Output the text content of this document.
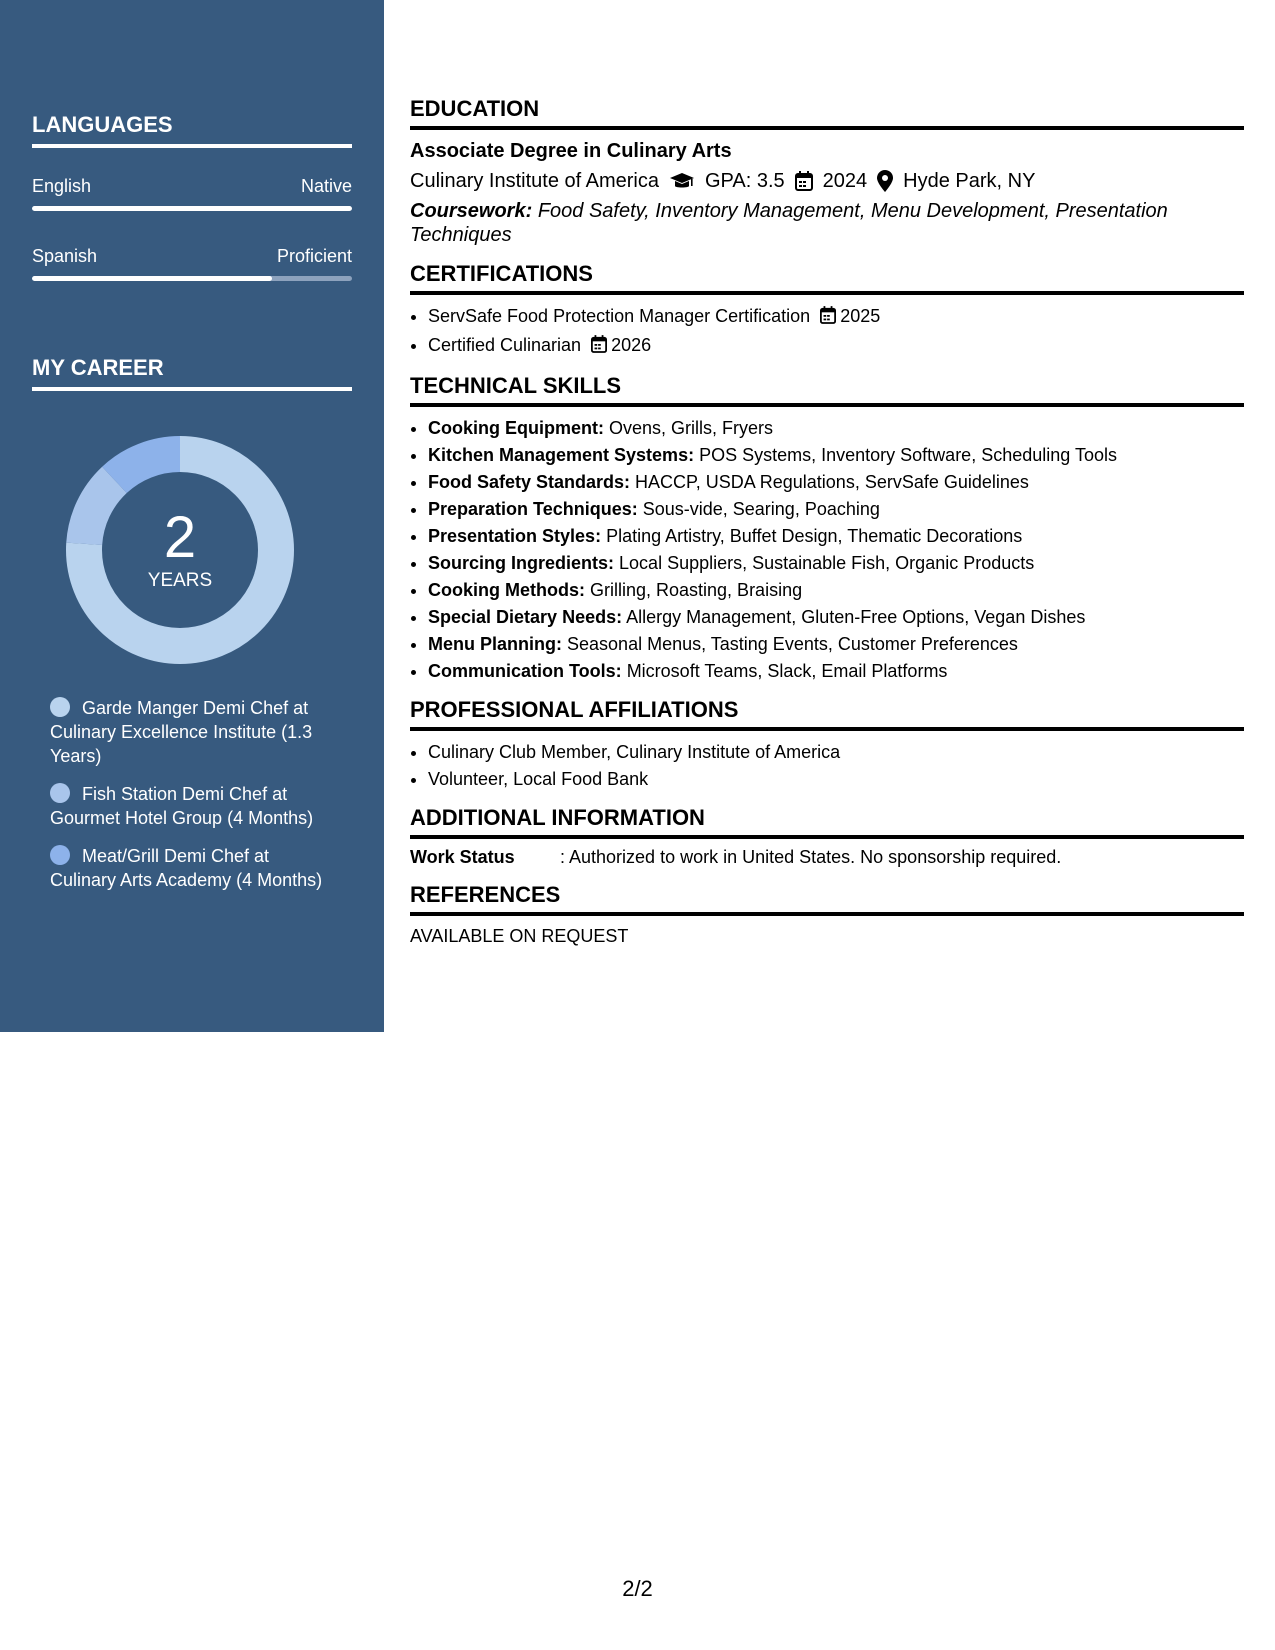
LANGUAGES
English	Native
Spanish	Proficient
MY CAREER
2
YEARS
Garde Manger Demi Chef at Culinary Excellence Institute (1.3 Years)
Fish Station Demi Chef at Gourmet Hotel Group (4 Months)
Meat/Grill Demi Chef at Culinary Arts Academy (4 Months)
EDUCATION
Associate Degree in Culinary Arts
Culinary Institute of America GPA: 3.5 2024 Hyde Park, NY
Coursework: Food Safety, Inventory Management, Menu Development, Presentation Techniques
CERTIFICATIONS
• ServSafe Food Protection Manager Certification 2025
• Certified Culinarian 2026
TECHNICAL SKILLS
• Cooking Equipment: Ovens, Grills, Fryers
• Kitchen Management Systems: POS Systems, Inventory Software, Scheduling Tools
• Food Safety Standards: HACCP, USDA Regulations, ServSafe Guidelines
• Preparation Techniques: Sous-vide, Searing, Poaching
• Presentation Styles: Plating Artistry, Buffet Design, Thematic Decorations
• Sourcing Ingredients: Local Suppliers, Sustainable Fish, Organic Products
• Cooking Methods: Grilling, Roasting, Braising
• Special Dietary Needs: Allergy Management, Gluten-Free Options, Vegan Dishes
• Menu Planning: Seasonal Menus, Tasting Events, Customer Preferences
• Communication Tools: Microsoft Teams, Slack, Email Platforms
PROFESSIONAL AFFILIATIONS
• Culinary Club Member, Culinary Institute of America
• Volunteer, Local Food Bank
ADDITIONAL INFORMATION
Work Status	: Authorized to work in United States. No sponsorship required.
REFERENCES
AVAILABLE ON REQUEST
2/2
